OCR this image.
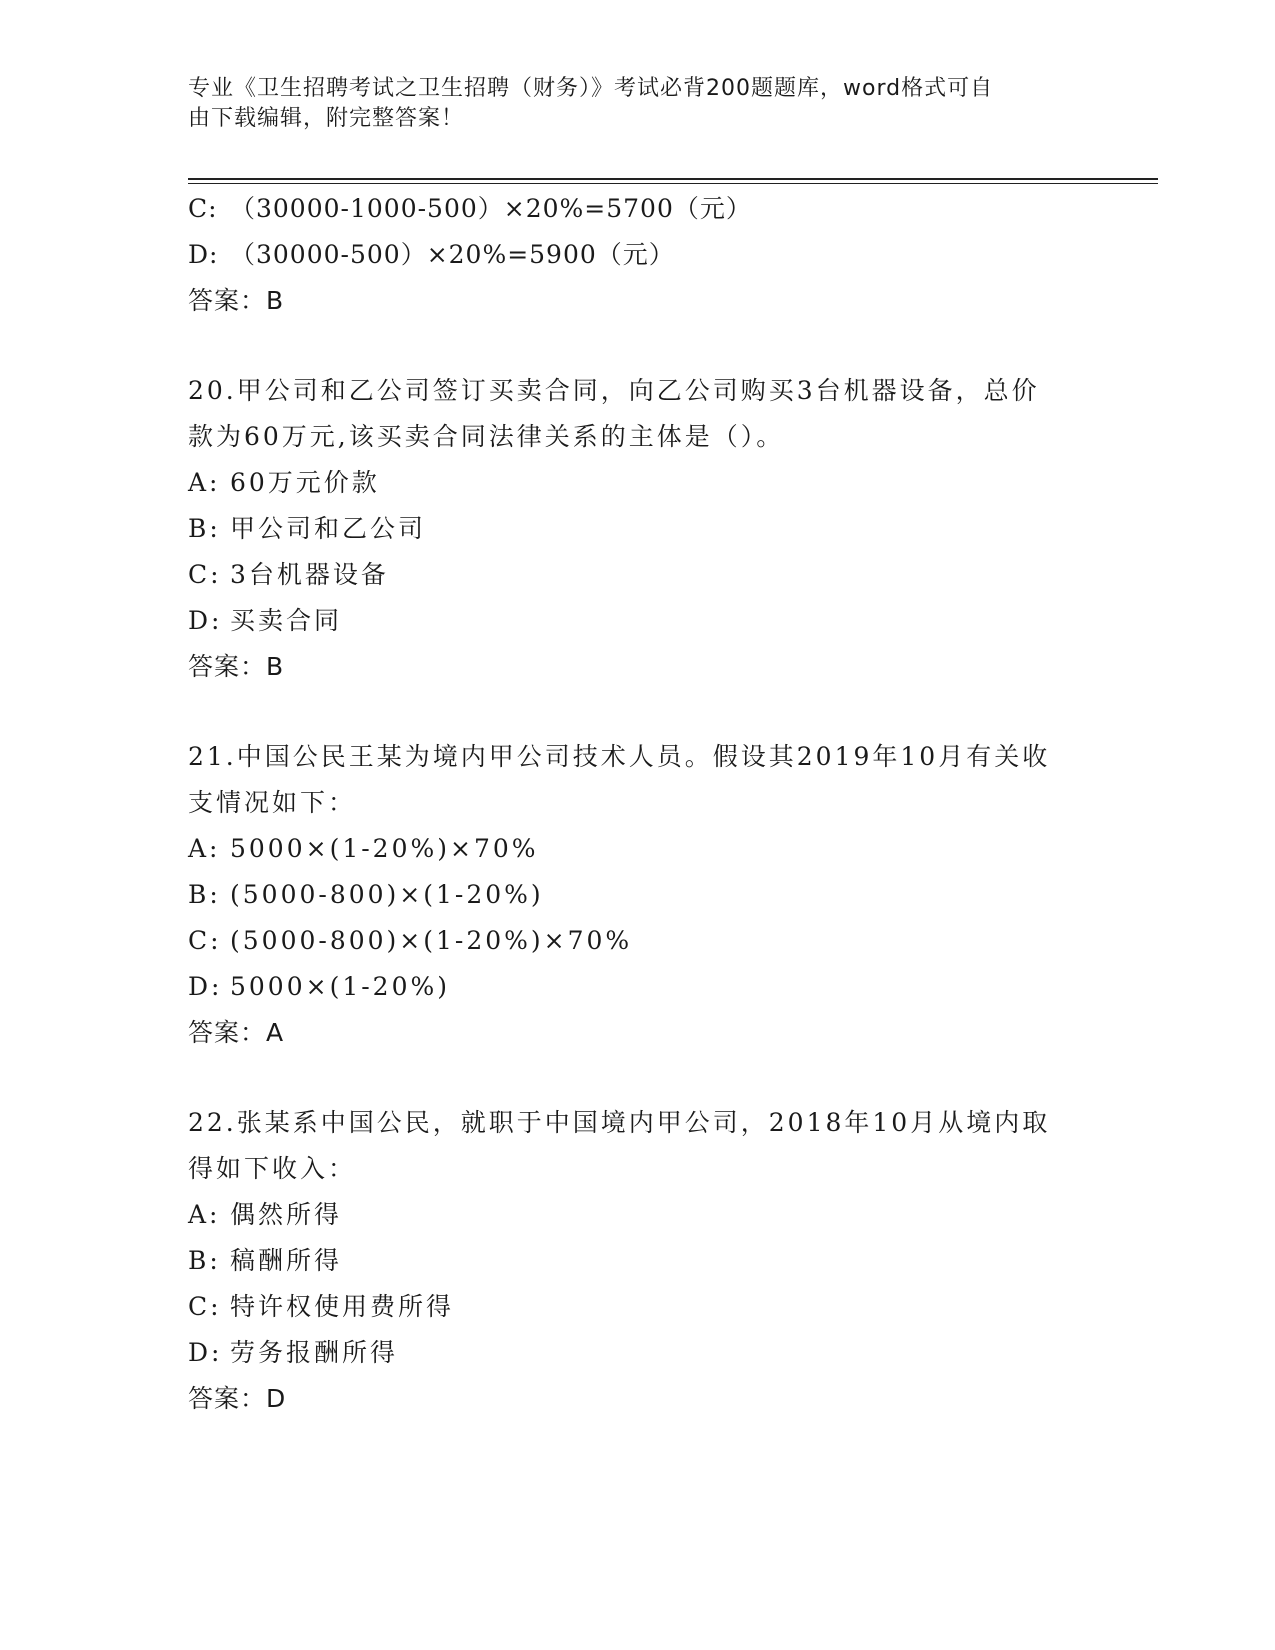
专业《卫生招聘考试之卫生招聘（财务）》考试必背200题题库，word格式可自
由下载编辑，附完整答案！
C: （30000-1000-500）×20%=5700（元）
D: （30000-500）×20%=5900（元）
答案：B
20.甲公司和乙公司签订买卖合同，向乙公司购买3台机器设备，总价
款为60万元,该买卖合同法律关系的主体是（）。
A: 60万元价款
B: 甲公司和乙公司
C: 3台机器设备
D: 买卖合同
答案：B
21.中国公民王某为境内甲公司技术人员。假设其2019年10月有关收
支情况如下：
A: 5000×(1-20%)×70%
B: (5000-800)×(1-20%)
C: (5000-800)×(1-20%)×70%
D: 5000×(1-20%)
答案：A
22.张某系中国公民，就职于中国境内甲公司，2018年10月从境内取
得如下收入：
A: 偶然所得
B: 稿酬所得
C: 特许权使用费所得
D: 劳务报酬所得
答案：D
